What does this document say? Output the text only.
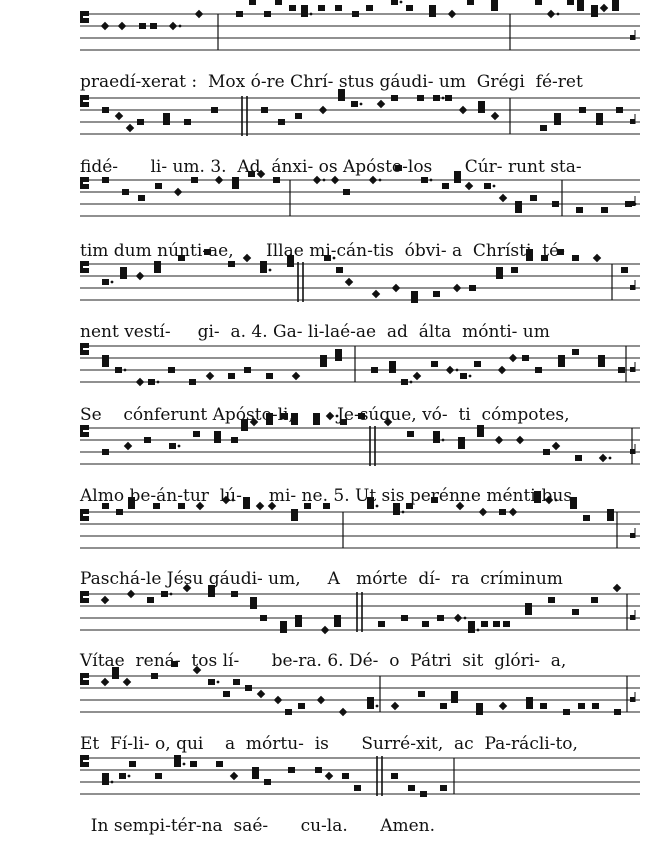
praedí-xerat :  Mox ó-re Chrí- stus gáudi- um  Grégi  fé-ret
fidé-      li- um. 3.  Ad  ánxi- os Apósto-los      Cúr- runt sta-
tim dum núnti-ae,      Illae mi-cán-tis  óbvi- a  Chrísti  té-
nent vestí-     gi-  a. 4. Ga- li-laé-ae  ad  álta  mónti- um
Se    cónferunt Apósto-li,        Je-súque, vó-  ti  cómpotes,
Almo be-án-tur  lú-     mi- ne. 5. Ut sis perénne ménti-bus
Paschá-le Jésu gáudi- um,     A   mórte  dí-  ra  críminum
Vítae  rená-  tos lí-      be-ra. 6. Dé-  o  Pátri  sit  glóri-  a,
Et  Fí-li- o, qui    a  mórtu-  is      Surré-xit,  ac  Pa-rácli-to,
In sempi-tér-na  saé-      cu-la.      Amen.
